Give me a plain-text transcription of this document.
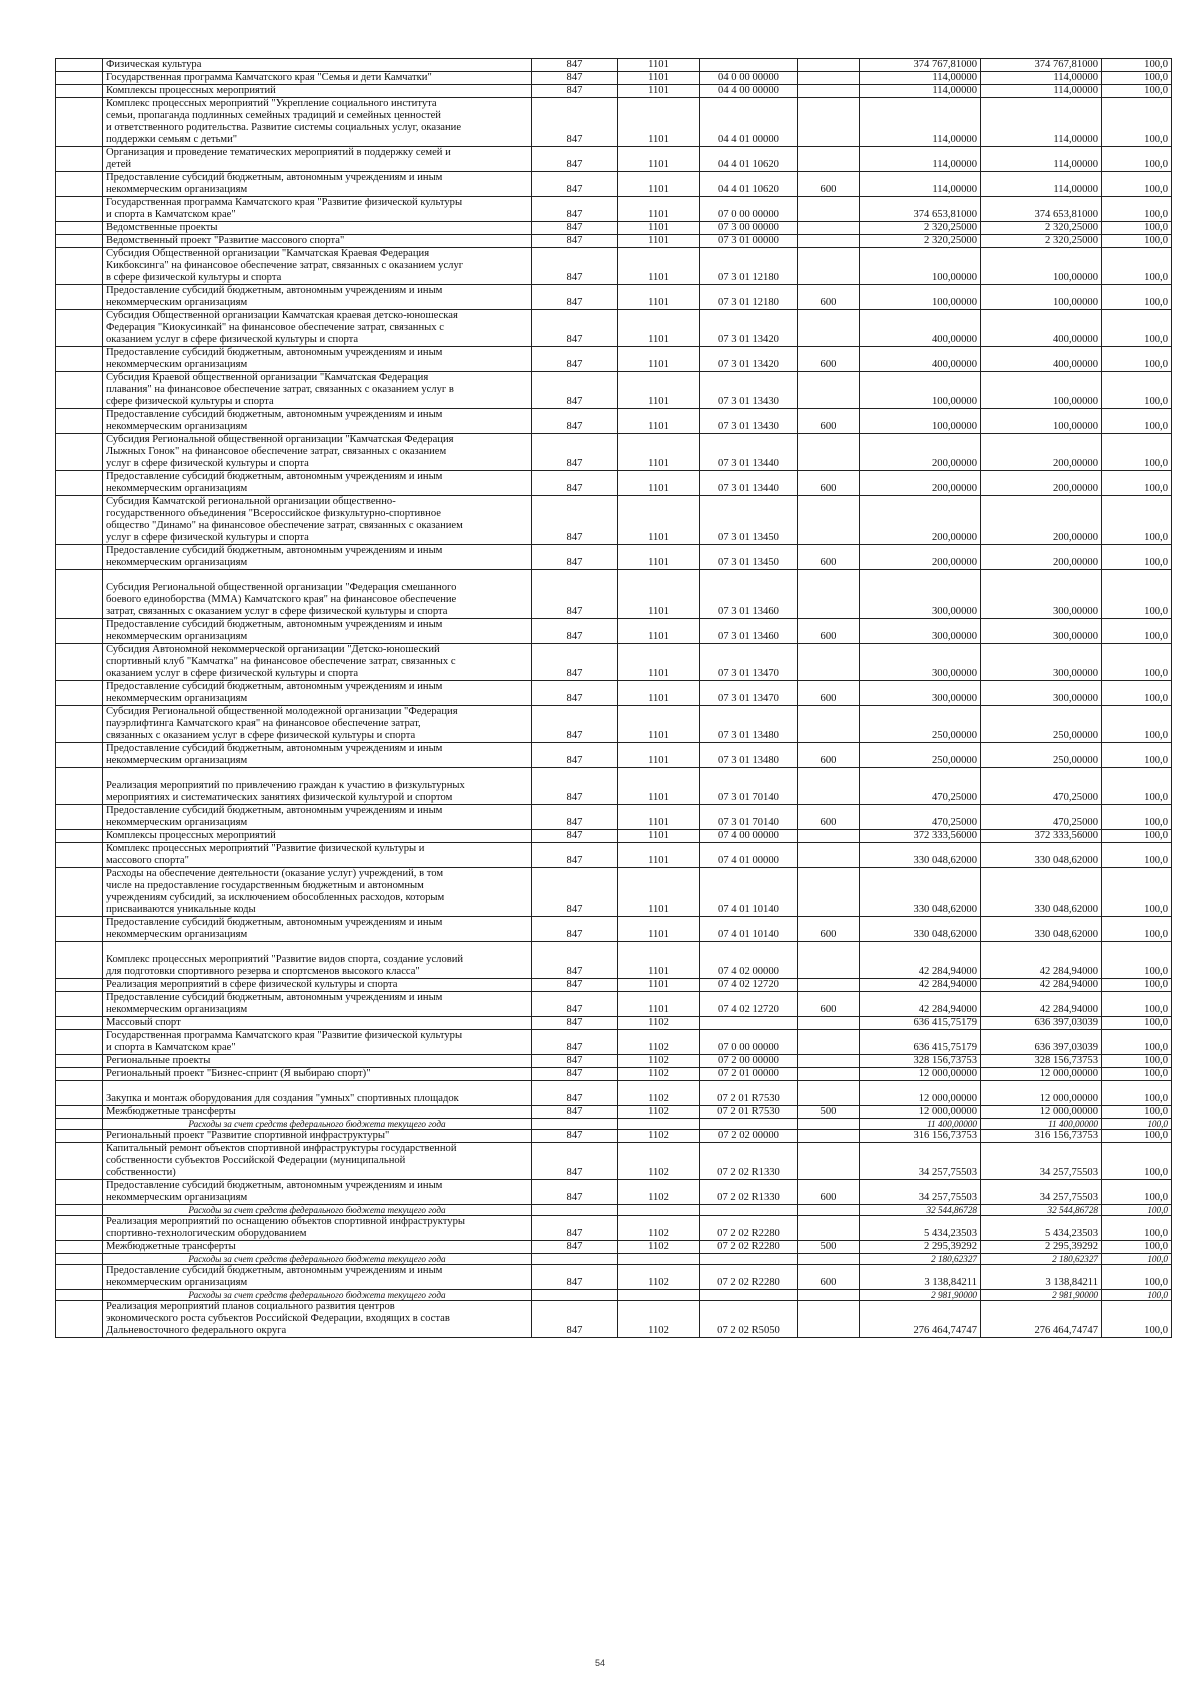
	Физическая культура	847	1101			374 767,81000	374 767,81000	100,0
	Государственная программа Камчатского края "Семья и дети Камчатки"	847	1101	04 0 00 00000		114,00000	114,00000	100,0
	Комплексы процессных мероприятий	847	1101	04 4 00 00000		114,00000	114,00000	100,0
	Комплекс процессных мероприятий "Укрепление социального института
семьи, пропаганда подлинных семейных традиций и семейных ценностей
и ответственного родительства. Развитие системы социальных услуг, оказание
поддержки семьям с детьми"	847	1101	04 4 01 00000		114,00000	114,00000	100,0
	Организация и проведение тематических мероприятий в поддержку семей и
детей	847	1101	04 4 01 10620		114,00000	114,00000	100,0
	Предоставление субсидий бюджетным, автономным учреждениям и иным
некоммерческим организациям	847	1101	04 4 01 10620	600	114,00000	114,00000	100,0
	Государственная программа Камчатского края "Развитие физической культуры
и спорта в Камчатском крае"	847	1101	07 0 00 00000		374 653,81000	374 653,81000	100,0
	Ведомственные проекты	847	1101	07 3 00 00000		2 320,25000	2 320,25000	100,0
	Ведомственный проект "Развитие массового спорта"	847	1101	07 3 01 00000		2 320,25000	2 320,25000	100,0
	Субсидия Общественной организации "Камчатская Краевая Федерация
Кикбоксинга" на финансовое обеспечение затрат, связанных с оказанием услуг
в сфере физической культуры и спорта	847	1101	07 3 01 12180		100,00000	100,00000	100,0
	Предоставление субсидий бюджетным, автономным учреждениям и иным
некоммерческим организациям	847	1101	07 3 01 12180	600	100,00000	100,00000	100,0
	Субсидия Общественной организации Камчатская краевая детско-юношеская
Федерация "Киокусинкай" на финансовое обеспечение затрат, связанных с
оказанием услуг в сфере физической культуры и спорта	847	1101	07 3 01 13420		400,00000	400,00000	100,0
	Предоставление субсидий бюджетным, автономным учреждениям и иным
некоммерческим организациям	847	1101	07 3 01 13420	600	400,00000	400,00000	100,0
	Субсидия Краевой общественной организации "Камчатская Федерация
плавания" на финансовое обеспечение затрат, связанных с оказанием услуг в
сфере физической культуры и спорта	847	1101	07 3 01 13430		100,00000	100,00000	100,0
	Предоставление субсидий бюджетным, автономным учреждениям и иным
некоммерческим организациям	847	1101	07 3 01 13430	600	100,00000	100,00000	100,0
	Субсидия Региональной общественной организации "Камчатская Федерация
Лыжных Гонок" на финансовое обеспечение затрат, связанных с оказанием
услуг в сфере физической культуры и спорта	847	1101	07 3 01 13440		200,00000	200,00000	100,0
	Предоставление субсидий бюджетным, автономным учреждениям и иным
некоммерческим организациям	847	1101	07 3 01 13440	600	200,00000	200,00000	100,0
	Субсидия Камчатской региональной организации общественно-
государственного объединения "Всероссийское физкультурно-спортивное
общество "Динамо" на финансовое обеспечение затрат, связанных с оказанием
услуг в сфере физической культуры и спорта	847	1101	07 3 01 13450		200,00000	200,00000	100,0
	Предоставление субсидий бюджетным, автономным учреждениям и иным
некоммерческим организациям	847	1101	07 3 01 13450	600	200,00000	200,00000	100,0

Субсидия Региональной общественной организации "Федерация смешанного
боевого единоборства (ММА) Камчатского края" на финансовое обеспечение
затрат, связанных с оказанием услуг в сфере физической культуры и спорта	847	1101	07 3 01 13460		300,00000	300,00000	100,0
	Предоставление субсидий бюджетным, автономным учреждениям и иным
некоммерческим организациям	847	1101	07 3 01 13460	600	300,00000	300,00000	100,0
	Субсидия Автономной некоммерческой организации "Детско-юношеский
спортивный клуб "Камчатка" на финансовое обеспечение затрат, связанных с
оказанием услуг в сфере физической культуры и спорта	847	1101	07 3 01 13470		300,00000	300,00000	100,0
	Предоставление субсидий бюджетным, автономным учреждениям и иным
некоммерческим организациям	847	1101	07 3 01 13470	600	300,00000	300,00000	100,0
	Субсидия Региональной общественной молодежной организации "Федерация
пауэрлифтинга Камчатского края" на финансовое обеспечение затрат,
связанных с оказанием услуг в сфере физической культуры и спорта	847	1101	07 3 01 13480		250,00000	250,00000	100,0
	Предоставление субсидий бюджетным, автономным учреждениям и иным
некоммерческим организациям	847	1101	07 3 01 13480	600	250,00000	250,00000	100,0

Реализация мероприятий по привлечению граждан к участию в физкультурных
мероприятиях и систематических занятиях физической культурой и спортом	847	1101	07 3 01 70140		470,25000	470,25000	100,0
	Предоставление субсидий бюджетным, автономным учреждениям и иным
некоммерческим организациям	847	1101	07 3 01 70140	600	470,25000	470,25000	100,0
	Комплексы процессных мероприятий	847	1101	07 4 00 00000		372 333,56000	372 333,56000	100,0
	Комплекс процессных мероприятий "Развитие физической культуры и
массового спорта"	847	1101	07 4 01 00000		330 048,62000	330 048,62000	100,0
	Расходы на обеспечение деятельности (оказание услуг) учреждений, в том
числе на предоставление государственным бюджетным и автономным
учреждениям субсидий, за исключением обособленных расходов, которым
присваиваются уникальные коды	847	1101	07 4 01 10140		330 048,62000	330 048,62000	100,0
	Предоставление субсидий бюджетным, автономным учреждениям и иным
некоммерческим организациям	847	1101	07 4 01 10140	600	330 048,62000	330 048,62000	100,0

Комплекс процессных мероприятий "Развитие видов спорта, создание условий
для подготовки спортивного резерва и спортсменов высокого класса"	847	1101	07 4 02 00000		42 284,94000	42 284,94000	100,0
	Реализация мероприятий в сфере физической культуры и спорта	847	1101	07 4 02 12720		42 284,94000	42 284,94000	100,0
	Предоставление субсидий бюджетным, автономным учреждениям и иным
некоммерческим организациям	847	1101	07 4 02 12720	600	42 284,94000	42 284,94000	100,0
	Массовый спорт	847	1102			636 415,75179	636 397,03039	100,0
	Государственная программа Камчатского края "Развитие физической культуры
и спорта в Камчатском крае"	847	1102	07 0 00 00000		636 415,75179	636 397,03039	100,0
	Региональные проекты	847	1102	07 2 00 00000		328 156,73753	328 156,73753	100,0
	Региональный проект "Бизнес-спринт (Я выбираю спорт)"	847	1102	07 2 01 00000		12 000,00000	12 000,00000	100,0

Закупка и монтаж оборудования для создания "умных" спортивных площадок	847	1102	07 2 01 R7530		12 000,00000	12 000,00000	100,0
	Межбюджетные трансферты	847	1102	07 2 01 R7530	500	12 000,00000	12 000,00000	100,0
	Расходы за счет средств федерального бюджета текущего года					11 400,00000	11 400,00000	100,0
	Региональный проект "Развитие спортивной инфраструктуры"	847	1102	07 2 02 00000		316 156,73753	316 156,73753	100,0
	Капитальный ремонт объектов спортивной инфраструктуры государственной
собственности субъектов Российской Федерации (муниципальной
собственности)	847	1102	07 2 02 R1330		34 257,75503	34 257,75503	100,0
	Предоставление субсидий бюджетным, автономным учреждениям и иным
некоммерческим организациям	847	1102	07 2 02 R1330	600	34 257,75503	34 257,75503	100,0
	Расходы за счет средств федерального бюджета текущего года					32 544,86728	32 544,86728	100,0
	Реализация мероприятий по оснащению объектов спортивной инфраструктуры
спортивно-технологическим оборудованием	847	1102	07 2 02 R2280		5 434,23503	5 434,23503	100,0
	Межбюджетные трансферты	847	1102	07 2 02 R2280	500	2 295,39292	2 295,39292	100,0
	Расходы за счет средств федерального бюджета текущего года					2 180,62327	2 180,62327	100,0
	Предоставление субсидий бюджетным, автономным учреждениям и иным
некоммерческим организациям	847	1102	07 2 02 R2280	600	3 138,84211	3 138,84211	100,0
	Расходы за счет средств федерального бюджета текущего года					2 981,90000	2 981,90000	100,0
	Реализация мероприятий планов социального развития центров
экономического роста субъектов Российской Федерации, входящих в состав
Дальневосточного федерального округа	847	1102	07 2 02 R5050		276 464,74747	276 464,74747	100,0
54
